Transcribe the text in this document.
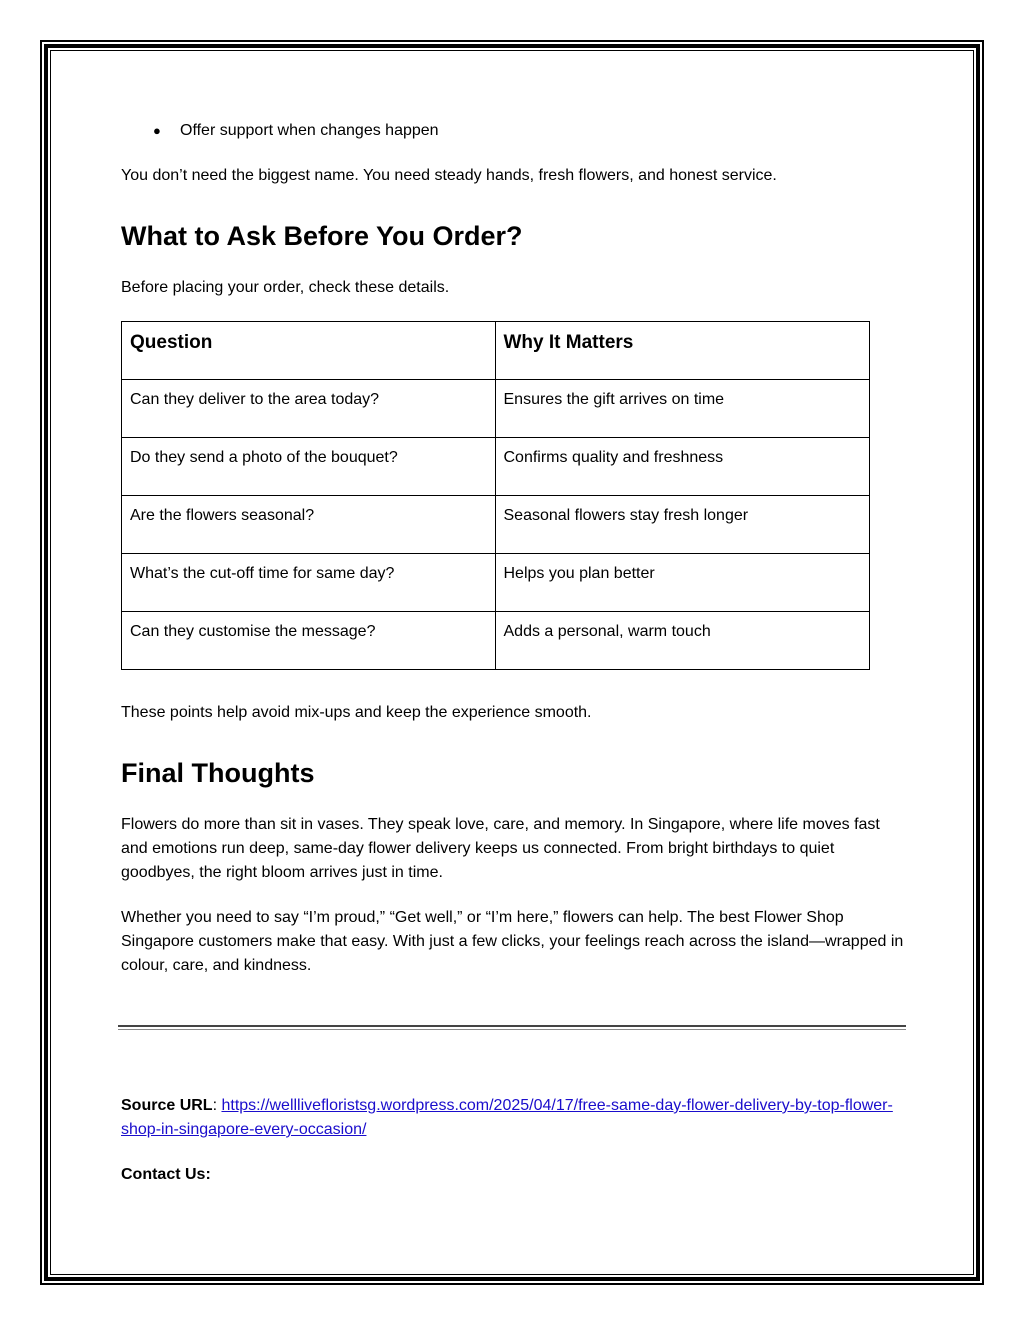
● Offer support when changes happen

You don’t need the biggest name. You need steady hands, fresh flowers, and honest service.

What to Ask Before You Order?

Before placing your order, check these details.

Question	Why It Matters
Can they deliver to the area today?	Ensures the gift arrives on time
Do they send a photo of the bouquet?	Confirms quality and freshness
Are the flowers seasonal?	Seasonal flowers stay fresh longer
What’s the cut-off time for same day?	Helps you plan better
Can they customise the message?	Adds a personal, warm touch

These points help avoid mix-ups and keep the experience smooth.

Final Thoughts

Flowers do more than sit in vases. They speak love, care, and memory. In Singapore, where life moves fast and emotions run deep, same-day flower delivery keeps us connected. From bright birthdays to quiet goodbyes, the right bloom arrives just in time.

Whether you need to say “I’m proud,” “Get well,” or “I’m here,” flowers can help. The best Flower Shop Singapore customers make that easy. With just a few clicks, your feelings reach across the island—wrapped in colour, care, and kindness.

Source URL: https://welllivefloristsg.wordpress.com/2025/04/17/free-same-day-flower-delivery-by-top-flower-shop-in-singapore-every-occasion/
Contact Us:
